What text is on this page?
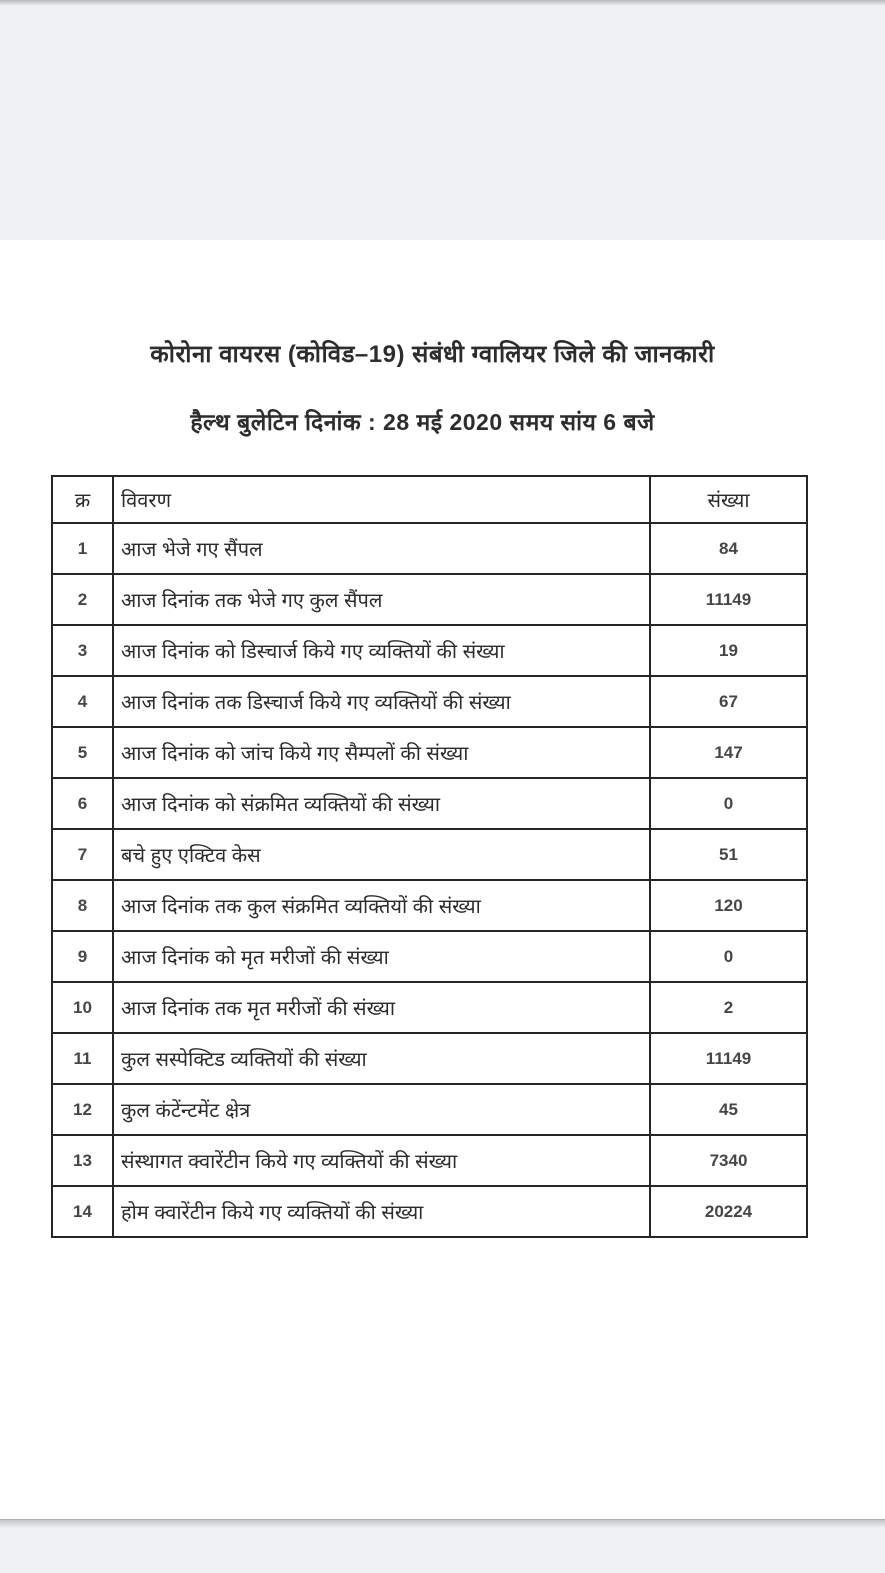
कोरोना वायरस (कोविड–19) संबंधी ग्वालियर जिले की जानकारी
हैल्थ बुलेटिन दिनांक : 28 मई 2020 समय सांय 6 बजे
क्र	विवरण	संख्या
1	आज भेजे गए सैंपल	84
2	आज दिनांक तक भेजे गए कुल सैंपल	11149
3	आज दिनांक को डिस्चार्ज किये गए व्यक्तियों की संख्या	19
4	आज दिनांक तक डिस्चार्ज किये गए व्यक्तियों की संख्या	67
5	आज दिनांक को जांच किये गए सैम्पलों की संख्या	147
6	आज दिनांक को संक्रमित व्यक्तियों की संख्या	0
7	बचे हुए एक्टिव केस	51
8	आज दिनांक तक कुल संक्रमित व्यक्तियों की संख्या	120
9	आज दिनांक को मृत मरीजों की संख्या	0
10	आज दिनांक तक मृत मरीजों की संख्या	2
11	कुल सस्पेक्टिड व्यक्तियों की संख्या	11149
12	कुल कंटेंन्टमेंट क्षेत्र	45
13	संस्थागत क्वारेंटीन किये गए व्यक्तियों की संख्या	7340
14	होम क्वारेंटीन किये गए व्यक्तियों की संख्या	20224
